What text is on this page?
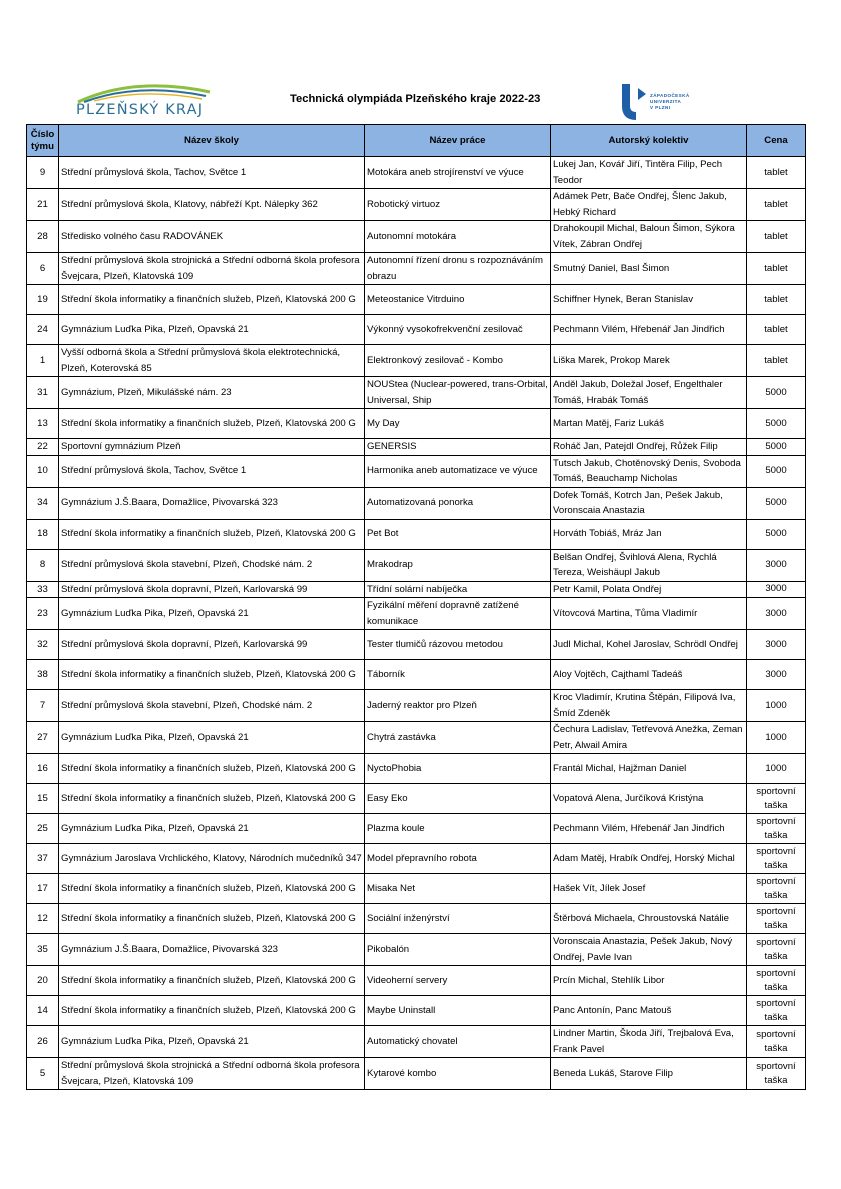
PLZEŇSKÝ KRAJ
Technická olympiáda Plzeňského kraje 2022-23	ZÁPADOČESKÁ
UNIVERZITA
V PLZNI
Číslo týmu	Název školy	Název práce	Autorský kolektiv	Cena
9	Střední průmyslová škola, Tachov, Světce 1	Motokára aneb strojírenství ve výuce	Lukej Jan, Kovář Jiří, Tintěra Filip, Pech Teodor	tablet
21	Střední průmyslová škola, Klatovy, nábřeží Kpt. Nálepky 362	Robotický virtuoz	Adámek Petr, Bače Ondřej, Šlenc Jakub, Hebký Richard	tablet
28	Středisko volného času RADOVÁNEK	Autonomní motokára	Drahokoupil Michal, Baloun Šimon, Sýkora Vítek, Zábran Ondřej	tablet
6	Střední průmyslová škola strojnická a Střední odborná škola profesora Švejcara, Plzeň, Klatovská 109	Autonomní řízení dronu s rozpoznáváním obrazu	Smutný Daniel, Basl Šimon	tablet
19	Střední škola informatiky a finančních služeb, Plzeň, Klatovská 200 G	Meteostanice Vitrduino	Schiffner Hynek, Beran Stanislav	tablet
24	Gymnázium Luďka Pika, Plzeň, Opavská 21	Výkonný vysokofrekvenční zesilovač	Pechmann Vilém, Hřebenář Jan Jindřich	tablet
1	Vyšší odborná škola a Střední průmyslová škola elektrotechnická, Plzeň, Koterovská 85	Elektronkový zesilovač - Kombo	Liška Marek, Prokop Marek	tablet
31	Gymnázium, Plzeň, Mikulášské nám. 23	NOUStea (Nuclear-powered, trans-Orbital, Universal, Ship	Anděl Jakub, Doležal Josef, Engelthaler Tomáš, Hrabák Tomáš	5000
13	Střední škola informatiky a finančních služeb, Plzeň, Klatovská 200 G	My Day	Martan Matěj, Fariz Lukáš	5000
22	Sportovní gymnázium Plzeň	GENERSIS	Roháč Jan, Patejdl Ondřej, Růžek Filip	5000
10	Střední průmyslová škola, Tachov, Světce 1	Harmonika aneb automatizace ve výuce	Tutsch Jakub, Chotěnovský Denis, Svoboda Tomáš, Beauchamp Nicholas	5000
34	Gymnázium J.Š.Baara, Domažlice, Pivovarská 323	Automatizovaná ponorka	Dofek Tomáš, Kotrch Jan, Pešek Jakub, Voronscaia Anastazia	5000
18	Střední škola informatiky a finančních služeb, Plzeň, Klatovská 200 G	Pet Bot	Horváth Tobiáš, Mráz Jan	5000
8	Střední průmyslová škola stavební, Plzeň, Chodské nám. 2	Mrakodrap	Belšan Ondřej, Švihlová Alena, Rychlá Tereza, Weishäupl Jakub	3000
33	Střední průmyslová škola dopravní, Plzeň, Karlovarská 99	Třídní solární nabíječka	Petr Kamil, Polata Ondřej	3000
23	Gymnázium Luďka Pika, Plzeň, Opavská 21	Fyzikální měření dopravně zatížené komunikace	Vítovcová Martina, Tůma Vladimír	3000
32	Střední průmyslová škola dopravní, Plzeň, Karlovarská 99	Tester tlumičů rázovou metodou	Judl Michal, Kohel Jaroslav, Schrödl Ondřej	3000
38	Střední škola informatiky a finančních služeb, Plzeň, Klatovská 200 G	Táborník	Aloy Vojtěch, Cajthaml Tadeáš	3000
7	Střední průmyslová škola stavební, Plzeň, Chodské nám. 2	Jaderný reaktor pro Plzeň	Kroc Vladimír, Krutina Štěpán, Filipová Iva, Šmíd Zdeněk	1000
27	Gymnázium Luďka Pika, Plzeň, Opavská 21	Chytrá zastávka	Čechura Ladislav, Tetřevová Anežka, Zeman Petr, Alwail Amira	1000
16	Střední škola informatiky a finančních služeb, Plzeň, Klatovská 200 G	NyctoPhobia	Frantál Michal, Hajžman Daniel	1000
15	Střední škola informatiky a finančních služeb, Plzeň, Klatovská 200 G	Easy Eko	Vopatová Alena, Jurčíková Kristýna	sportovní taška
25	Gymnázium Luďka Pika, Plzeň, Opavská 21	Plazma koule	Pechmann Vilém, Hřebenář Jan Jindřich	sportovní taška
37	Gymnázium Jaroslava Vrchlického, Klatovy, Národních mučedníků 347	Model přepravního robota	Adam Matěj, Hrabík Ondřej, Horský Michal	sportovní taška
17	Střední škola informatiky a finančních služeb, Plzeň, Klatovská 200 G	Misaka Net	Hašek Vít, Jílek Josef	sportovní taška
12	Střední škola informatiky a finančních služeb, Plzeň, Klatovská 200 G	Sociální inženýrství	Štěrbová Michaela, Chroustovská Natálie	sportovní taška
35	Gymnázium J.Š.Baara, Domažlice, Pivovarská 323	Pikobalón	Voronscaia Anastazia, Pešek Jakub, Nový Ondřej, Pavle Ivan	sportovní taška
20	Střední škola informatiky a finančních služeb, Plzeň, Klatovská 200 G	Videoherní servery	Prcín Michal, Stehlík Libor	sportovní taška
14	Střední škola informatiky a finančních služeb, Plzeň, Klatovská 200 G	Maybe Uninstall	Panc Antonín, Panc Matouš	sportovní taška
26	Gymnázium Luďka Pika, Plzeň, Opavská 21	Automatický chovatel	Lindner Martin, Škoda Jiří, Trejbalová Eva, Frank Pavel	sportovní taška
5	Střední průmyslová škola strojnická a Střední odborná škola profesora Švejcara, Plzeň, Klatovská 109	Kytarové kombo	Beneda Lukáš, Starove Filip	sportovní taška
